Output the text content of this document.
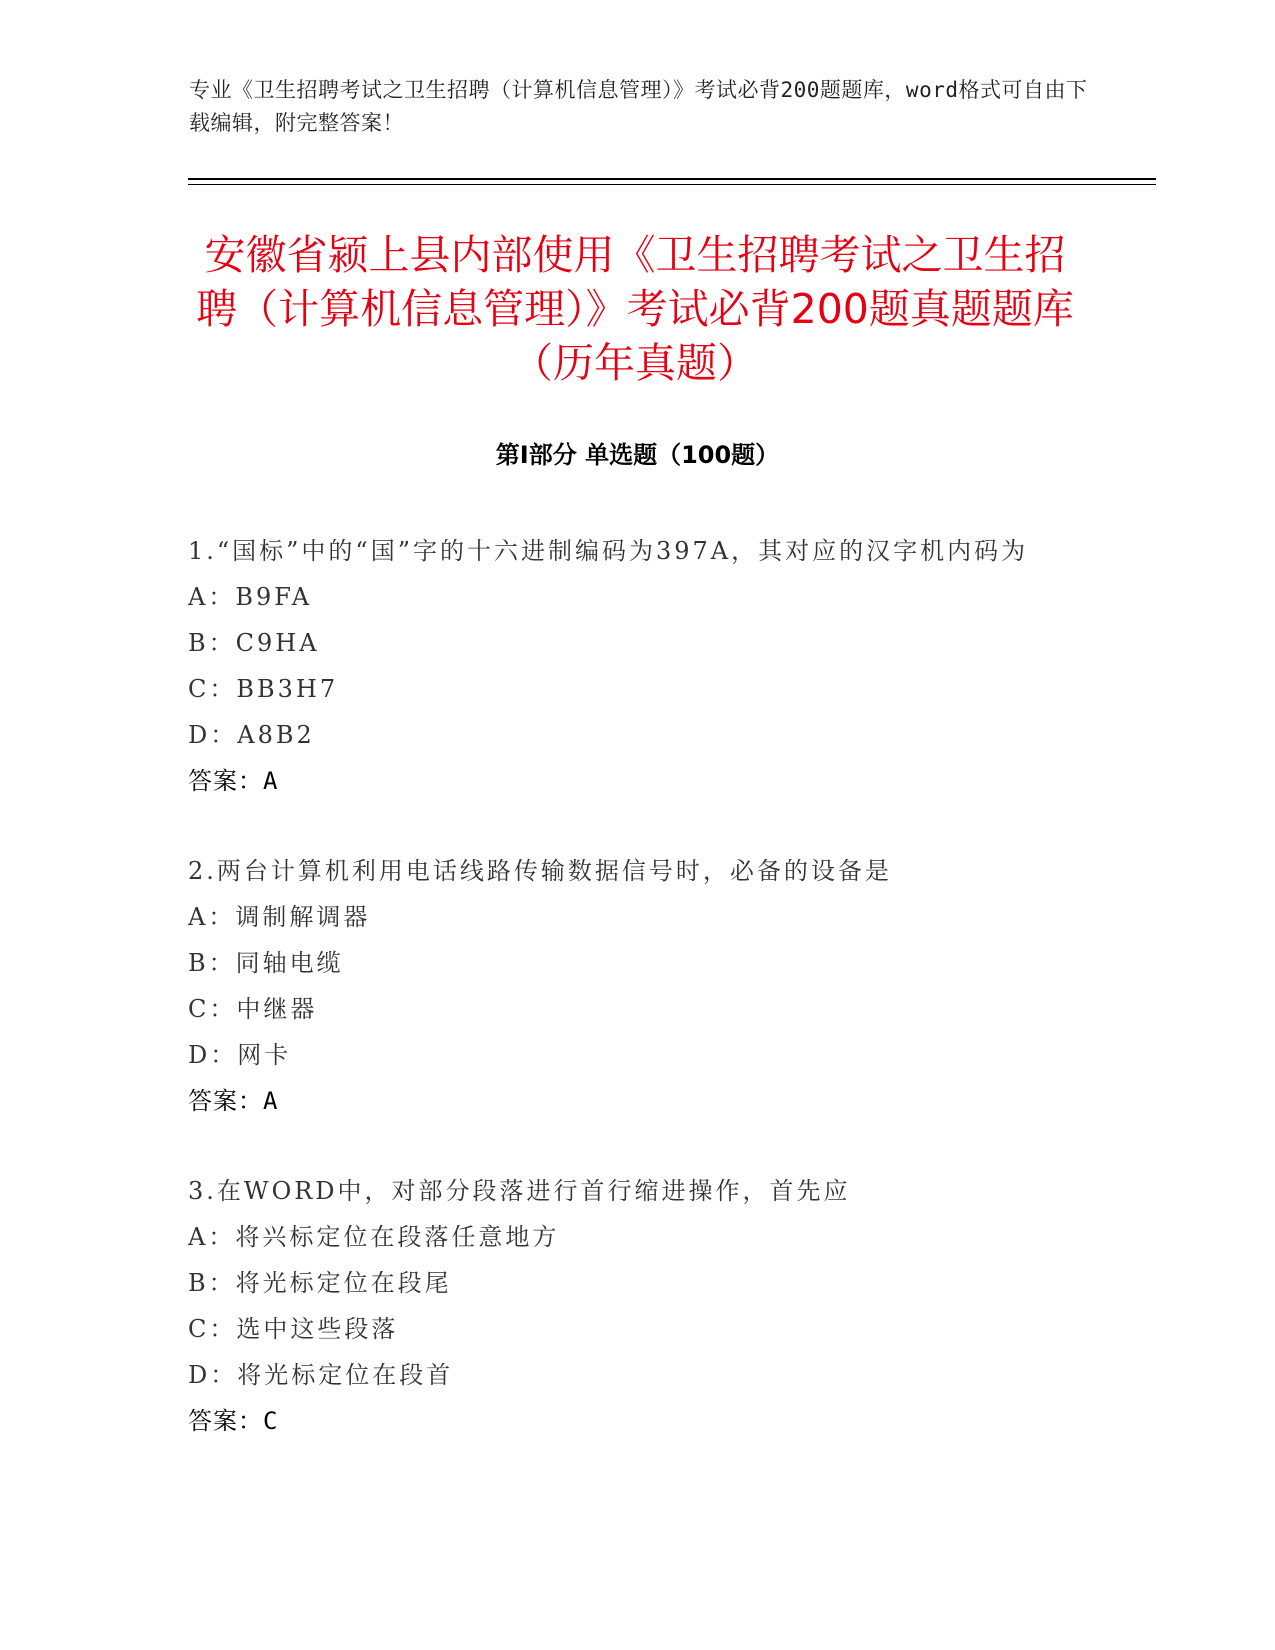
专业《卫生招聘考试之卫生招聘（计算机信息管理）》考试必背200题题库，word格式可自由下载编辑，附完整答案！
安徽省颍上县内部使用《卫生招聘考试之卫生招聘（计算机信息管理）》考试必背200题真题题库（历年真题）
第I部分 单选题（100题）

1.“国标”中的“国”字的十六进制编码为397A，其对应的汉字机内码为

A：B9FA

B：C9HA

C：BB3H7

D：A8B2

答案：A

2.两台计算机利用电话线路传输数据信号时，必备的设备是

A：调制解调器

B：同轴电缆

C：中继器

D：网卡

答案：A

3.在WORD中，对部分段落进行首行缩进操作，首先应

A：将兴标定位在段落任意地方

B：将光标定位在段尾

C：选中这些段落

D：将光标定位在段首

答案：C
